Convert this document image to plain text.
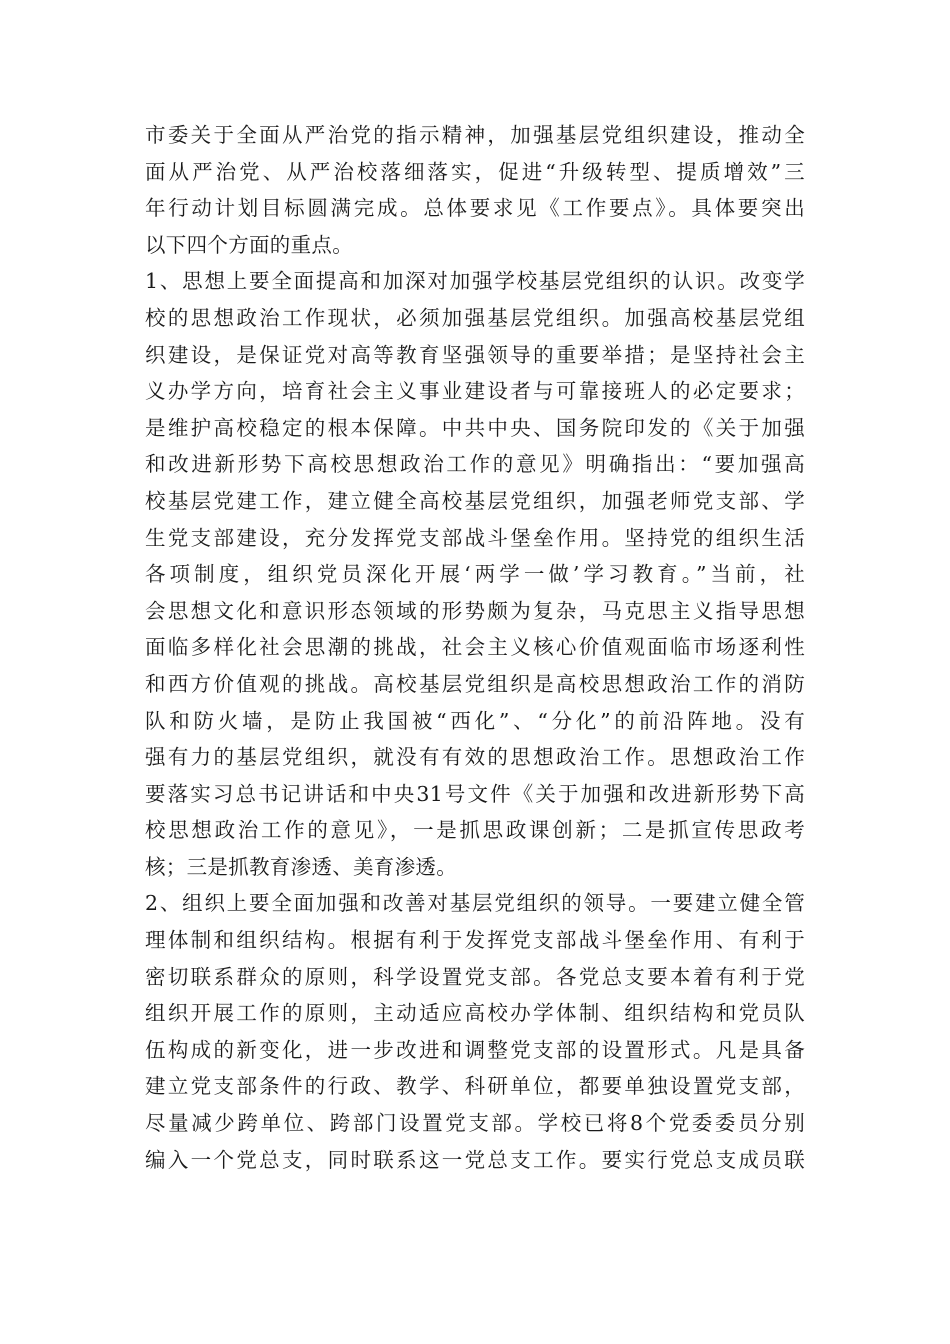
市委关于全面从严治党的指示精神，加强基层党组织建设，推动全
面从严治党、从严治校落细落实，促进“升级转型、提质增效”三
年行动计划目标圆满完成。总体要求见《工作要点》。具体要突出
以下四个方面的重点。
1、思想上要全面提高和加深对加强学校基层党组织的认识。改变学
校的思想政治工作现状，必须加强基层党组织。加强高校基层党组
织建设，是保证党对高等教育坚强领导的重要举措；是坚持社会主
义办学方向，培育社会主义事业建设者与可靠接班人的必定要求；
是维护高校稳定的根本保障。中共中央、国务院印发的《关于加强
和改进新形势下高校思想政治工作的意见》明确指出：“要加强高
校基层党建工作，建立健全高校基层党组织，加强老师党支部、学
生党支部建设，充分发挥党支部战斗堡垒作用。坚持党的组织生活
各项制度，组织党员深化开展‘两学一做’学习教育。”当前，社
会思想文化和意识形态领域的形势颇为复杂，马克思主义指导思想
面临多样化社会思潮的挑战，社会主义核心价值观面临市场逐利性
和西方价值观的挑战。高校基层党组织是高校思想政治工作的消防
队和防火墙，是防止我国被“西化”、“分化”的前沿阵地。没有
强有力的基层党组织，就没有有效的思想政治工作。思想政治工作
要落实习总书记讲话和中央31号文件《关于加强和改进新形势下高
校思想政治工作的意见》，一是抓思政课创新；二是抓宣传思政考
核；三是抓教育渗透、美育渗透。
2、组织上要全面加强和改善对基层党组织的领导。一要建立健全管
理体制和组织结构。根据有利于发挥党支部战斗堡垒作用、有利于
密切联系群众的原则，科学设置党支部。各党总支要本着有利于党
组织开展工作的原则，主动适应高校办学体制、组织结构和党员队
伍构成的新变化，进一步改进和调整党支部的设置形式。凡是具备
建立党支部条件的行政、教学、科研单位，都要单独设置党支部，
尽量减少跨单位、跨部门设置党支部。学校已将8个党委委员分别
编入一个党总支，同时联系这一党总支工作。要实行党总支成员联
